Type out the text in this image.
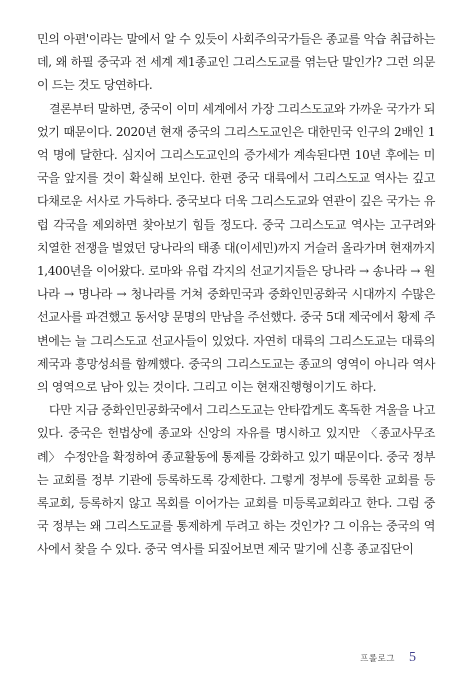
민의 아편'이라는 말에서 알 수 있듯이 사회주의국가들은 종교를 악습 취급하는데, 왜 하필 중국과 전 세계 제1종교인 그리스도교를 엮는단 말인가? 그런 의문이 드는 것도 당연하다.

결론부터 말하면, 중국이 이미 세계에서 가장 그리스도교와 가까운 국가가 되었기 때문이다. 2020년 현재 중국의 그리스도교인은 대한민국 인구의 2배인 1억 명에 달한다. 심지어 그리스도교인의 증가세가 계속된다면 10년 후에는 미국을 앞지를 것이 확실해 보인다. 한편 중국 대륙에서 그리스도교 역사는 깊고 다채로운 서사로 가득하다. 중국보다 더욱 그리스도교와 연관이 깊은 국가는 유럽 각국을 제외하면 찾아보기 힘들 정도다. 중국 그리스도교 역사는 고구려와 치열한 전쟁을 벌였던 당나라의 태종 대(이세민)까지 거슬러 올라가며 현재까지 1,400년을 이어왔다. 로마와 유럽 각지의 선교기지들은 당나라 → 송나라 → 원나라 → 명나라 → 청나라를 거쳐 중화민국과 중화인민공화국 시대까지 수많은 선교사를 파견했고 동서양 문명의 만남을 주선했다. 중국 5대 제국에서 황제 주변에는 늘 그리스도교 선교사들이 있었다. 자연히 대륙의 그리스도교는 대륙의 제국과 흥망성쇠를 함께했다. 중국의 그리스도교는 종교의 영역이 아니라 역사의 영역으로 남아 있는 것이다. 그리고 이는 현재진행형이기도 하다.

다만 지금 중화인민공화국에서 그리스도교는 안타깝게도 혹독한 겨울을 나고 있다. 중국은 헌법상에 종교와 신앙의 자유를 명시하고 있지만 〈종교사무조례〉 수정안을 확정하여 종교활동에 통제를 강화하고 있기 때문이다. 중국 정부는 교회를 정부 기관에 등록하도록 강제한다. 그렇게 정부에 등록한 교회를 등록교회, 등록하지 않고 목회를 이어가는 교회를 미등록교회라고 한다. 그럼 중국 정부는 왜 그리스도교를 통제하게 두려고 하는 것인가? 그 이유는 중국의 역사에서 찾을 수 있다. 중국 역사를 되짚어보면 제국 말기에 신흥 종교집단이

프롤로그 5
